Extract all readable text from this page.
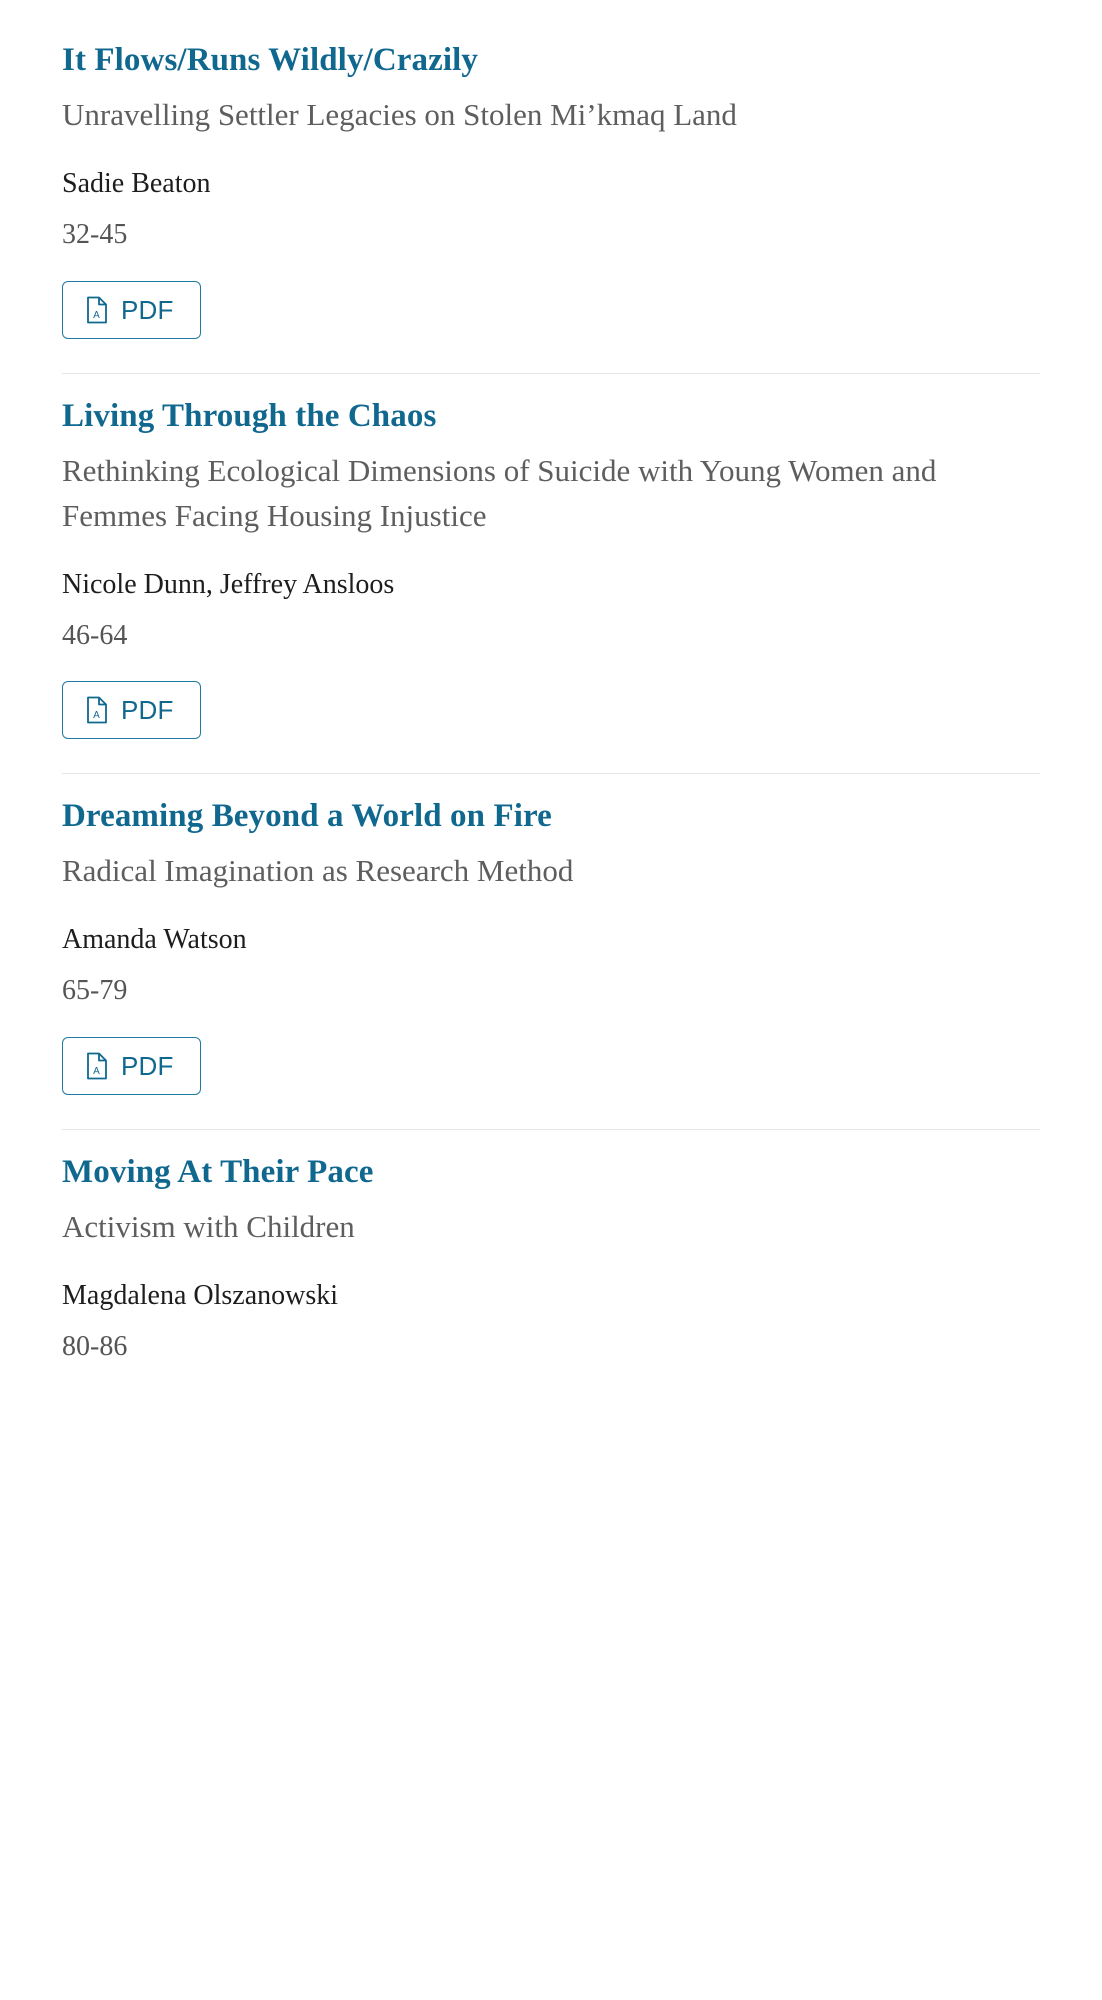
It Flows/Runs Wildly/Crazily
Unravelling Settler Legacies on Stolen Mi’kmaq Land
Sadie Beaton
32-45
A PDF
Living Through the Chaos
Rethinking Ecological Dimensions of Suicide with Young Women and Femmes Facing Housing Injustice
Nicole Dunn, Jeffrey Ansloos
46-64
A PDF
Dreaming Beyond a World on Fire
Radical Imagination as Research Method
Amanda Watson
65-79
A PDF
Moving At Their Pace
Activism with Children
Magdalena Olszanowski
80-86
